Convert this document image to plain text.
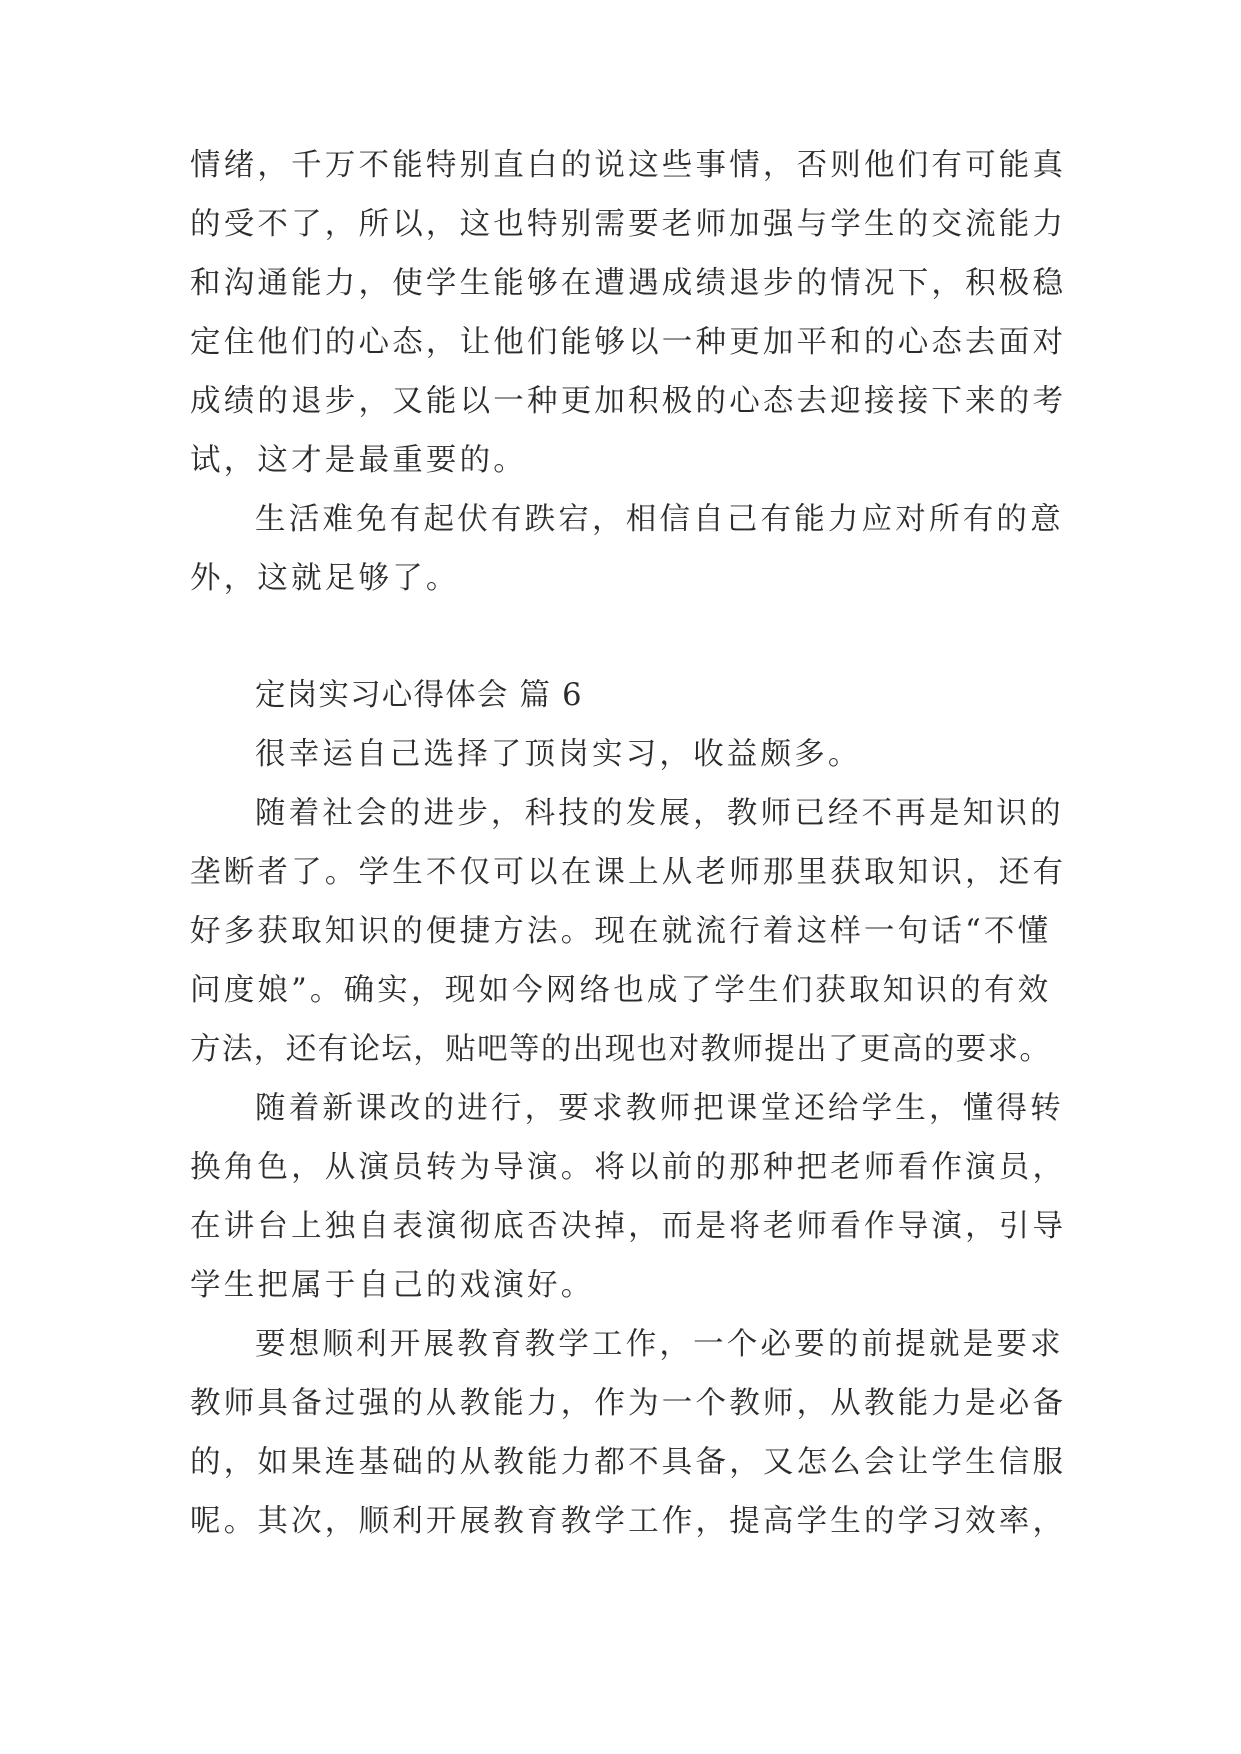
情绪，千万不能特别直白的说这些事情，否则他们有可能真
的受不了，所以，这也特别需要老师加强与学生的交流能力
和沟通能力，使学生能够在遭遇成绩退步的情况下，积极稳
定住他们的心态，让他们能够以一种更加平和的心态去面对
成绩的退步，又能以一种更加积极的心态去迎接接下来的考
试，这才是最重要的。
生活难免有起伏有跌宕，相信自己有能力应对所有的意
外，这就足够了。
定岗实习心得体会 篇 6
很幸运自己选择了顶岗实习，收益颇多。
随着社会的进步，科技的发展，教师已经不再是知识的
垄断者了。学生不仅可以在课上从老师那里获取知识，还有
好多获取知识的便捷方法。现在就流行着这样一句话“不懂
问度娘”。确实，现如今网络也成了学生们获取知识的有效
方法，还有论坛，贴吧等的出现也对教师提出了更高的要求。
随着新课改的进行，要求教师把课堂还给学生，懂得转
换角色，从演员转为导演。将以前的那种把老师看作演员，
在讲台上独自表演彻底否决掉，而是将老师看作导演，引导
学生把属于自己的戏演好。
要想顺利开展教育教学工作，一个必要的前提就是要求
教师具备过强的从教能力，作为一个教师，从教能力是必备
的，如果连基础的从教能力都不具备，又怎么会让学生信服
呢。其次，顺利开展教育教学工作，提高学生的学习效率，
